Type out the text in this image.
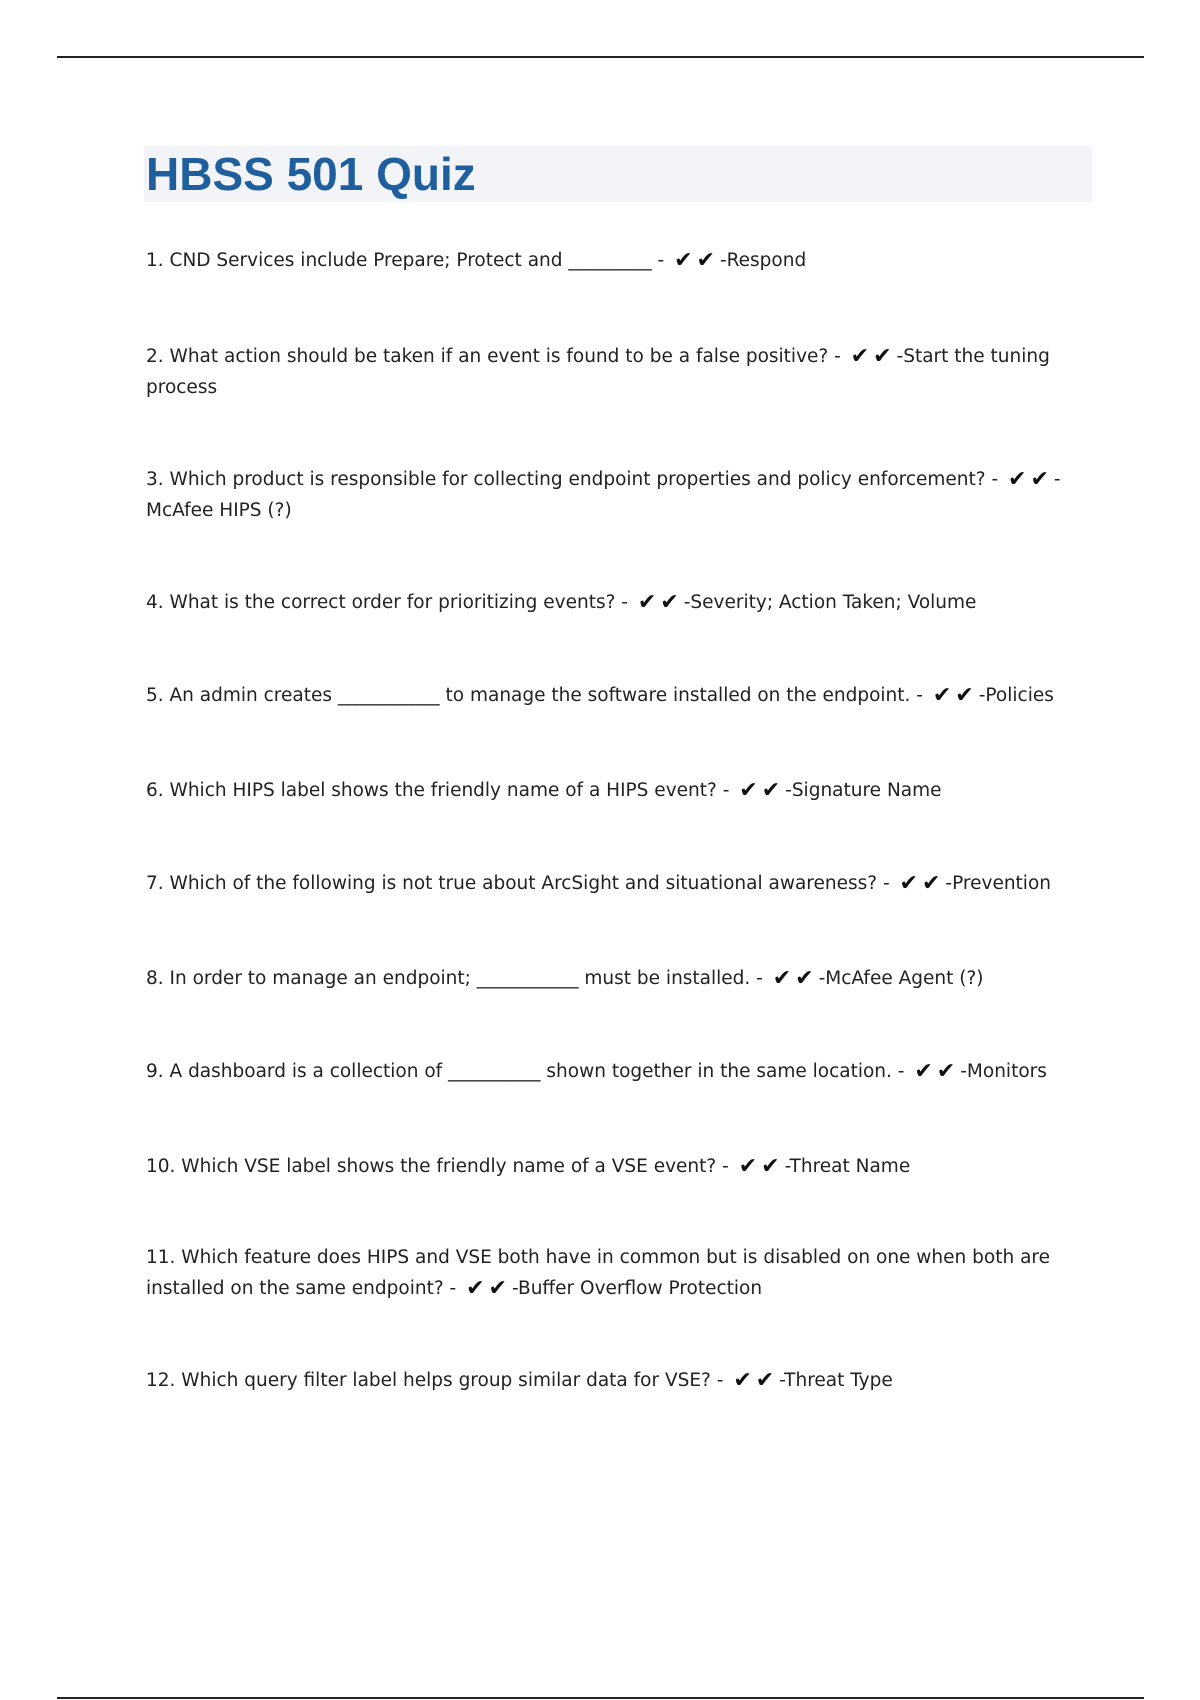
HBSS 501 Quiz
1. CND Services include Prepare; Protect and _________ - ✔✔-Respond
2. What action should be taken if an event is found to be a false positive? - ✔✔-Start the tuning process
3. Which product is responsible for collecting endpoint properties and policy enforcement? - ✔✔- McAfee HIPS (?)
4. What is the correct order for prioritizing events? - ✔✔-Severity; Action Taken; Volume
5. An admin creates ___________ to manage the software installed on the endpoint. - ✔✔-Policies
6. Which HIPS label shows the friendly name of a HIPS event? - ✔✔-Signature Name
7. Which of the following is not true about ArcSight and situational awareness? - ✔✔-Prevention
8. In order to manage an endpoint; ___________ must be installed. - ✔✔-McAfee Agent (?)
9. A dashboard is a collection of __________ shown together in the same location. - ✔✔-Monitors
10. Which VSE label shows the friendly name of a VSE event? - ✔✔-Threat Name
11. Which feature does HIPS and VSE both have in common but is disabled on one when both are installed on the same endpoint? - ✔✔-Buffer Overflow Protection
12. Which query filter label helps group similar data for VSE? - ✔✔-Threat Type
